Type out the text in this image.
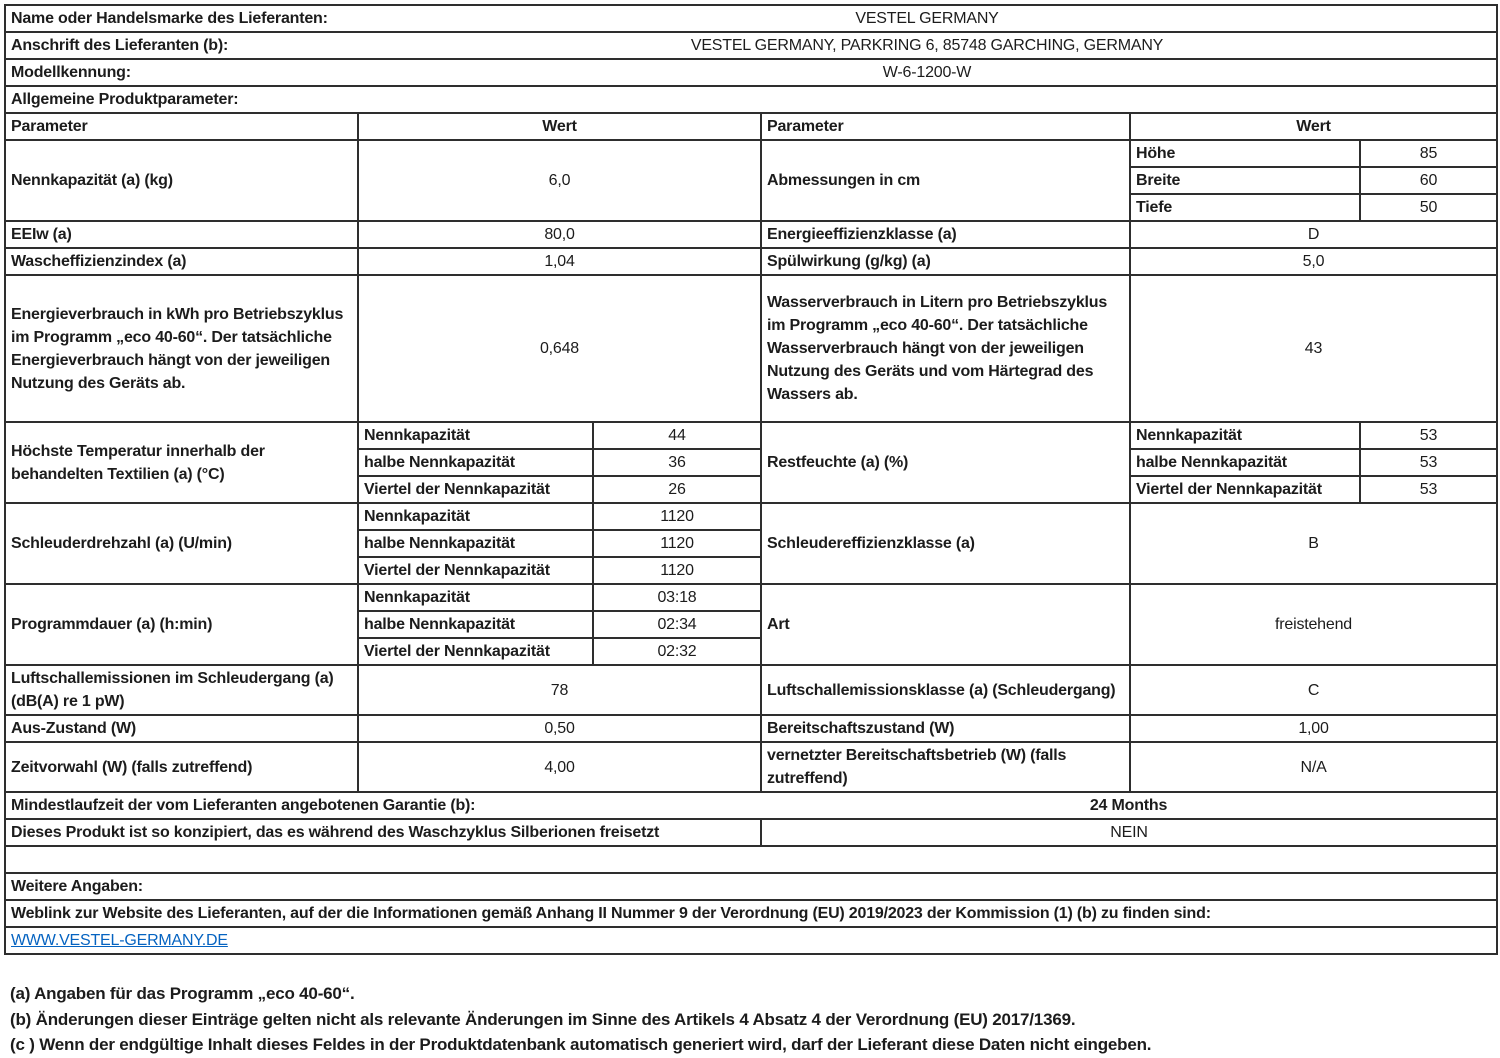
Name oder Handelsmarke des Lieferanten:	VESTEL GERMANY				
Anschrift des Lieferanten (b):	VESTEL GERMANY, PARKRING 6, 85748 GARCHING, GERMANY				
Modellkennung:	W-6-1200-W				
Allgemeine Produktparameter:					
Parameter	Wert		Parameter	Wert	
Nennkapazität (a) (kg)	6,0		Abmessungen in cm	Höhe	85
				Breite	60
				Tiefe	50
EEIw (a)	80,0		Energieeffizienzklasse (a)	D	
Wascheffizienzindex (a)	1,04		Spülwirkung (g/kg) (a)	5,0	
Energieverbrauch in kWh pro Betriebszyklus im Programm „eco 40-60“. Der tatsächliche Energieverbrauch hängt von der jeweiligen Nutzung des Geräts ab.	0,648		Wasserverbrauch in Litern pro Betriebszyklus im Programm „eco 40-60“. Der tatsächliche Wasserverbrauch hängt von der jeweiligen Nutzung des Geräts und vom Härtegrad des Wassers ab.	43	
Höchste Temperatur innerhalb der behandelten Textilien (a) (°C)	Nennkapazität	44	Restfeuchte (a) (%)	Nennkapazität	53
	halbe Nennkapazität	36		halbe Nennkapazität	53
	Viertel der Nennkapazität	26		Viertel der Nennkapazität	53
Schleuderdrehzahl (a) (U/min)	Nennkapazität	1120	Schleudereffizienzklasse (a)	B	
	halbe Nennkapazität	1120			
	Viertel der Nennkapazität	1120			
Programmdauer (a) (h:min)	Nennkapazität	03:18	Art	freistehend	
	halbe Nennkapazität	02:34			
	Viertel der Nennkapazität	02:32			
Luftschallemissionen im Schleudergang (a) (dB(A) re 1 pW)	78		Luftschallemissionsklasse (a) (Schleudergang)	C	
Aus-Zustand (W)	0,50		Bereitschaftszustand (W)	1,00	
Zeitvorwahl (W) (falls zutreffend)	4,00		vernetzter Bereitschaftsbetrieb (W) (falls zutreffend)	N/A	
Mindestlaufzeit der vom Lieferanten angebotenen Garantie (b):			24 Months		
Dieses Produkt ist so konzipiert, das es während des Waschzyklus Silberionen freisetzt			NEIN		

Weitere Angaben:					
Weblink zur Website des Lieferanten, auf der die Informationen gemäß Anhang II Nummer 9 der Verordnung (EU) 2019/2023 der Kommission (1) (b) zu finden sind:					
WWW.VESTEL-GERMANY.DE					
(a) Angaben für das Programm „eco 40-60“.
(b) Änderungen dieser Einträge gelten nicht als relevante Änderungen im Sinne des Artikels 4 Absatz 4 der Verordnung (EU) 2017/1369.
(c ) Wenn der endgültige Inhalt dieses Feldes in der Produktdatenbank automatisch generiert wird, darf der Lieferant diese Daten nicht eingeben.
